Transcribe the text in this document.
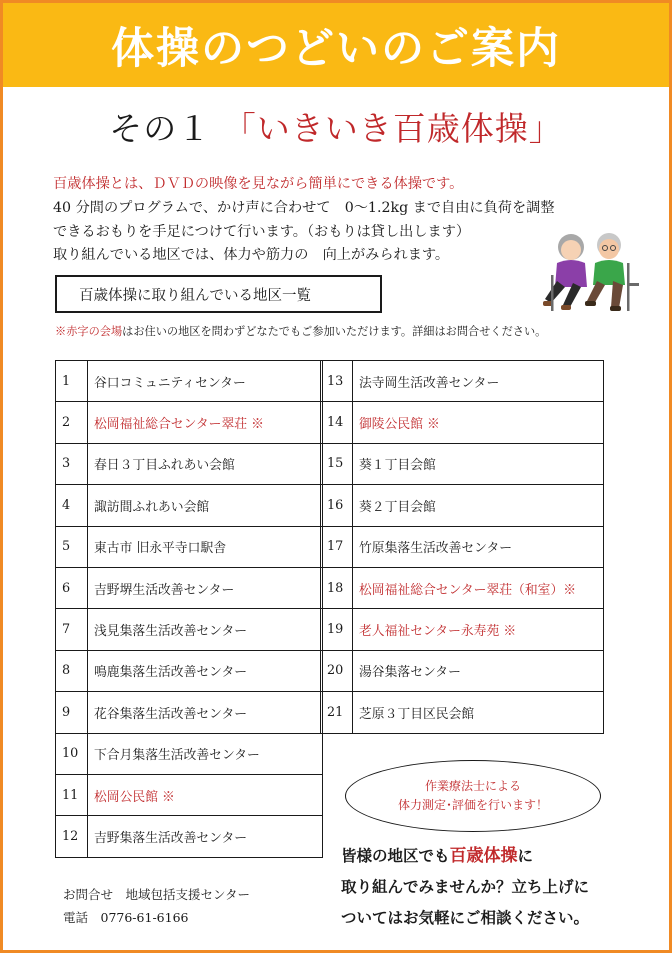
体操のつどいのご案内
その１ 「いきいき百歳体操」
百歳体操とは、ＤＶＤの映像を見ながら簡単にできる体操です。
40 分間のプログラムで、かけ声に合わせて　0～1.2kg まで自由に負荷を調整
できるおもりを手足につけて行います。（おもりは貸し出します）
取り組んでいる地区では、体力や筋力の　向上がみられます。
百歳体操に取り組んでいる地区一覧
※赤字の会場はお住いの地区を問わずどなたでもご参加いただけます。詳細はお問合せください。
1	谷口コミュニティセンター
2	松岡福祉総合センター翠荘 ※
3	春日３丁目ふれあい会館
4	諏訪間ふれあい会館
5	東古市 旧永平寺口駅舎
6	吉野堺生活改善センター
7	浅見集落生活改善センター
8	鳴鹿集落生活改善センター
9	花谷集落生活改善センター
10	下合月集落生活改善センター
11	松岡公民館 ※
12	吉野集落生活改善センター
13	法寺岡生活改善センター
14	御陵公民館 ※
15	葵１丁目会館
16	葵２丁目会館
17	竹原集落生活改善センター
18	松岡福祉総合センター翠荘（和室）※
19	老人福祉センター永寿苑 ※
20	湯谷集落センター
21	芝原３丁目区民会館
作業療法士による
体力測定･評価を行います！
皆様の地区でも百歳体操に
取り組んでみませんか？立ち上げに
ついてはお気軽にご相談ください。
お問合せ　地域包括支援センター
電話　0776-61-6166
